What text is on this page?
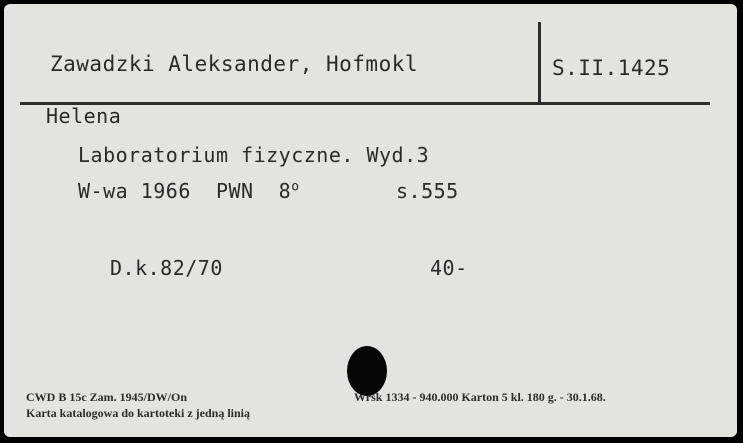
Zawadzki Aleksander, Hofmokl	S.II.1425
Helena
Laboratorium fizyczne. Wyd.3
W-wa 1966  PWN  8$^o$	s.555
D.k.82/70	40-
CWD B 15c Zam. 1945/DW/On	Wrsk 1334 - 940.000 Karton 5 kl. 180 g. - 30.1.68.
Karta katalogowa do kartoteki z jedną linią
